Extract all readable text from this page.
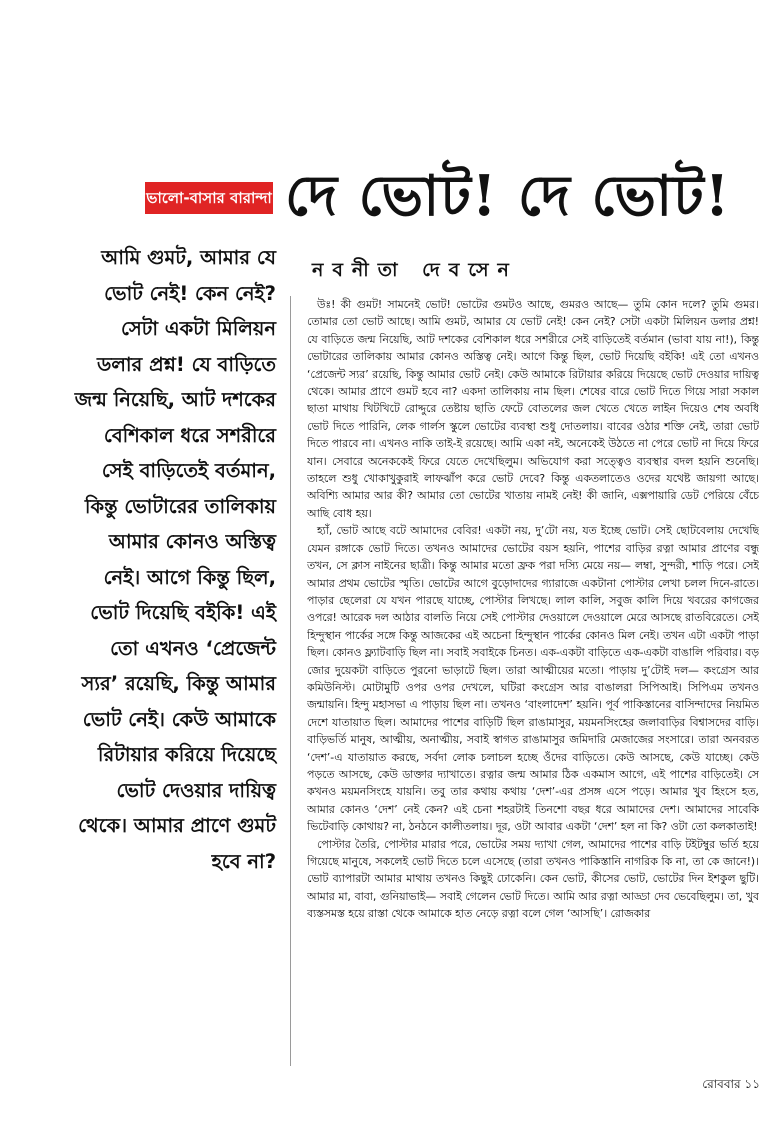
ভালো-বাসার বারান্দা দে ভোট! দে ভোট!
নবনীতা দেবসেন
আমি গুমট, আমার যে ভোট নেই! কেন নেই? সেটা একটা মিলিয়ন ডলার প্রশ্ন! যে বাড়িতে জন্ম নিয়েছি, আট দশকের বেশিকাল ধরে সশরীরে সেই বাড়িতেই বর্তমান, কিন্তু ভোটারের তালিকায় আমার কোনও অস্তিত্ব নেই। আগে কিন্তু ছিল, ভোট দিয়েছি বইকি! এই তো এখনও ‘প্রেজেন্ট স্যর’ রয়েছি, কিন্তু আমার ভোট নেই। কেউ আমাকে রিটায়ার করিয়ে দিয়েছে ভোট দেওয়ার দায়িত্ব থেকে। আমার প্রাণে গুমট হবে না?

উঃ! কী গুমট! সামনেই ভোট! ভোটের গুমটও আছে, গুমরও আছে— তুমি কোন দলে? তুমি গুমর। তোমার তো ভোট আছে। আমি গুমট, আমার যে ভোট নেই! কেন নেই? সেটা একটা মিলিয়ন ডলার প্রশ্ন! যে বাড়িতে জন্ম নিয়েছি, আট দশকের বেশিকাল ধরে সশরীরে সেই বাড়িতেই বর্তমান (ভাবা যায় না!), কিন্তু ভোটারের তালিকায় আমার কোনও অস্তিত্ব নেই। আগে কিন্তু ছিল, ভোট দিয়েছি বইকি! এই তো এখনও ‘প্রেজেন্ট স্যর’ রয়েছি, কিন্তু আমার ভোট নেই। কেউ আমাকে রিটায়ার করিয়ে দিয়েছে ভোট দেওয়ার দায়িত্ব থেকে। আমার প্রাণে গুমট হবে না? একদা তালিকায় নাম ছিল। শেষের বারে ভোট দিতে গিয়ে সারা সকাল ছাতা মাথায় খিটখিটে রোদ্দুরে তেষ্টায় ছাতি ফেটে বোতলের জল খেতে খেতে লাইন দিয়েও শেষ অবধি ভোট দিতে পারিনি, লেক গার্লস স্কুলে ভোটের ব্যবস্থা শুধু দোতলায়। বাবের ওঠার শক্তি নেই, তারা ভোট দিতে পারবে না। এখনও নাকি তাই-ই রয়েছে। আমি একা নই, অনেকেই উঠতে না পেরে ভোট না দিয়ে ফিরে যান। সেবারে অনেককেই ফিরে যেতে দেখেছিলুম। অভিযোগ করা সত্ত্বেও ব্যবস্থার বদল হয়নি শুনেছি। তাহলে শুধু খোকাখুকুরাই লাফঝাঁপ করে ভোট দেবে? কিন্তু একতলাতেও ওদের যথেষ্ট জায়গা আছে। অবিশ্যি আমার আর কী? আমার তো ভোটের খাতায় নামই নেই! কী জানি, এক্সপায়ারি ডেট পেরিয়ে বেঁচে আছি বোধ হয়।

হ্যাঁ, ভোট আছে বটে আমাদের বেবির! একটা নয়, দু’টো নয়, যত ইচ্ছে ভোট। সেই ছোটবেলায় দেখেছি যেমন রঙ্গাকে ভোট দিতে। তখনও আমাদের ভোটের বয়স হয়নি, পাশের বাড়ির রত্না আমার প্রাণের বন্ধু তখন, সে ক্লাস নাইনের ছাত্রী। কিন্তু আমার মতো ফ্রক পরা দস্যি মেয়ে নয়— লম্বা, সুন্দরী, শাড়ি পরে। সেই আমার প্রথম ভোটের স্মৃতি। ভোটের আগে বুড়োদাদের গ্যারাজে একটানা পোস্টার লেখা চলল দিনে-রাতে। পাড়ার ছেলেরা যে যখন পারছে যাচ্ছে, পোস্টার লিখছে। লাল কালি, সবুজ কালি দিয়ে খবরের কাগজের ওপরে! আরেক দল আঠার বালতি নিয়ে সেই পোস্টার দেওয়ালে দেওয়ালে মেরে আসছে রাতবিরেতে। সেই হিন্দুস্থান পার্কের সঙ্গে কিন্তু আজকের এই অচেনা হিন্দুস্থান পার্কের কোনও মিল নেই। তখন এটা একটা পাড়া ছিল। কোনও ফ্ল্যাটবাড়ি ছিল না। সবাই সবাইকে চিনত। এক-একটা বাড়িতে এক-একটা বাঙালি পরিবার। বড় জোর দুয়েকটা বাড়িতে পুরনো ভাড়াটে ছিল। তারা আত্মীয়ের মতো। পাড়ায় দু’টোই দল— কংগ্রেস আর কমিউনিস্ট। মোটামুটি ওপর ওপর দেখলে, ঘটিরা কংগ্রেস আর বাঙালরা সিপিআই। সিপিএম তখনও জন্মায়নি। হিন্দু মহাসভা এ পাড়ায় ছিল না। তখনও ‘বাংলাদেশ’ হয়নি। পূর্ব পাকিস্তানের বাসিন্দাদের নিয়মিত দেশে যাতায়াত ছিল। আমাদের পাশের বাড়িটি ছিল রাঙামাসুর, ময়মনসিংহের জলাবাড়ির বিশ্বাসদের বাড়ি। বাড়িভর্তি মানুষ, আত্মীয়, অনাত্মীয়, সবাই স্বাগত রাঙামাসুর জমিদারি মেজাজের সংসারে। তারা অনবরত ‘দেশ’-এ যাতায়াত করছে, সর্বদা লোক চলাচল হচ্ছে ওঁদের বাড়িতে। কেউ আসছে, কেউ যাচ্ছে। কেউ পড়তে আসছে, কেউ ডাক্তার দ্যাখাতে। রত্নার জন্ম আমার ঠিক একমাস আগে, এই পাশের বাড়িতেই। সে কখনও ময়মনসিংহে যায়নি। তবু তার কথায় কথায় ‘দেশ’-এর প্রসঙ্গ এসে পড়ে। আমার খুব হিংসে হত, আমার কোনও ‘দেশ’ নেই কেন? এই চেনা শহরটাই তিনশো বছর ধরে আমাদের দেশ। আমাদের সাবেকি ভিটেবাড়ি কোথায়? না, ঠনঠনে কালীতলায়। দূর, ওটা আবার একটা ‘দেশ’ হল না কি? ওটা তো কলকাতাই!

পোস্টার তৈরি, পোস্টার মারার পরে, ভোটের সময় দ্যাখা গেল, আমাদের পাশের বাড়ি টইটম্বুর ভর্তি হয়ে গিয়েছে মানুষে, সকলেই ভোট দিতে চলে এসেছে (তারা তখনও পাকিস্তানি নাগরিক কি না, তা কে জানে!)। ভোট ব্যাপারটা আমার মাথায় তখনও কিছুই ঢোকেনি। কেন ভোট, কীসের ভোট, ভোটের দিন ইশকুল ছুটি। আমার মা, বাবা, গুনিয়াভাই— সবাই গেলেন ভোট দিতে। আমি আর রত্না আড্ডা দেব ভেবেছিলুম। তা, খুব ব্যস্তসমস্ত হয়ে রাস্তা থেকে আমাকে হাত নেড়ে রত্না বলে গেল ‘আসছি’। রোজকার

রোববার ১১
